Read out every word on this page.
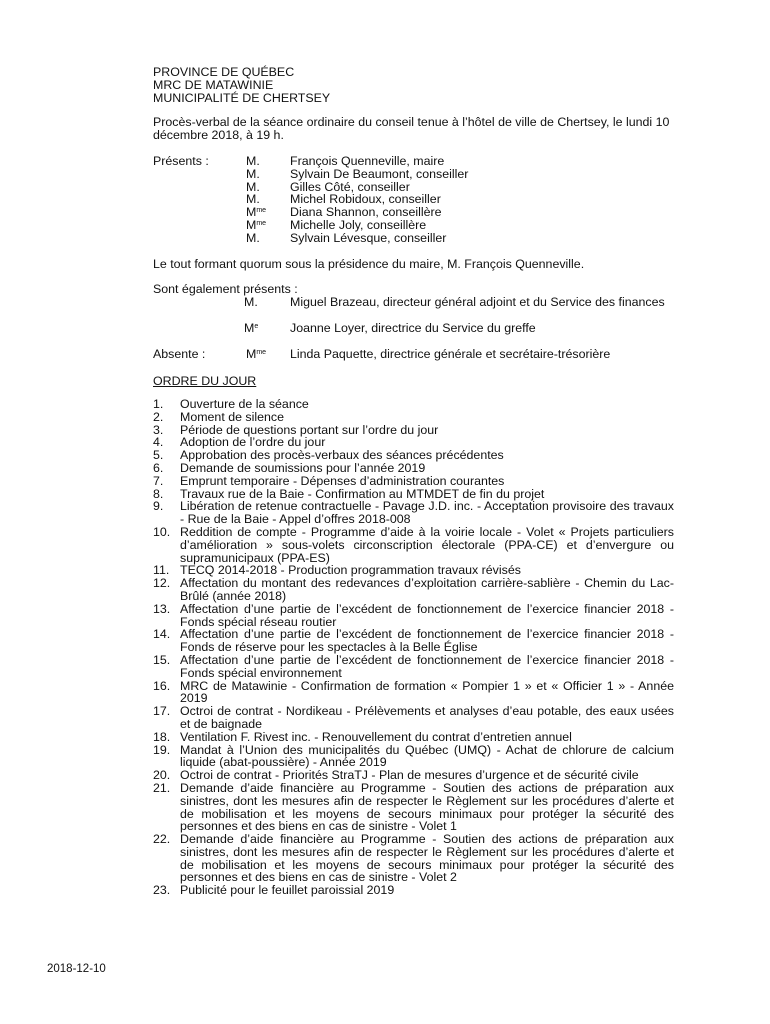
PROVINCE DE QUÉBEC
MRC DE MATAWINIE
MUNICIPALITÉ DE CHERTSEY
Procès-verbal de la séance ordinaire du conseil tenue à l’hôtel de ville de Chertsey, le lundi 10 décembre 2018, à 19 h.
Présents :	M. François Quenneville, maire
M. Sylvain De Beaumont, conseiller
M. Gilles Côté, conseiller
M. Michel Robidoux, conseiller
$M^{me}$ Diana Shannon, conseillère
$M^{me}$ Michelle Joly, conseillère
M. Sylvain Lévesque, conseiller
Le tout formant quorum sous la présidence du maire, M. François Quenneville.
Sont également présents :
M.	Miguel Brazeau, directeur général adjoint et du Service des finances
Me	Joanne Loyer, directrice du Service du greffe
Absente :	$M^{me}$ Linda Paquette, directrice générale et secrétaire-trésorière
ORDRE DU JOUR
1.	Ouverture de la séance
2.	Moment de silence
3.	Période de questions portant sur l’ordre du jour
4.	Adoption de l’ordre du jour
5.	Approbation des procès-verbaux des séances précédentes
6.	Demande de soumissions pour l’année 2019
7.	Emprunt temporaire - Dépenses d’administration courantes
8.	Travaux rue de la Baie - Confirmation au MTMDET de fin du projet
9.	Libération de retenue contractuelle - Pavage J.D. inc. - Acceptation provisoire des travaux - Rue de la Baie - Appel d’offres 2018-008
10. Reddition de compte - Programme d’aide à la voirie locale - Volet « Projets particuliers d’amélioration » sous-volets circonscription électorale (PPA-CE) et d’envergure ou supramunicipaux (PPA-ES)
11. TECQ 2014-2018 - Production programmation travaux révisés
12. Affectation du montant des redevances d’exploitation carrière-sablière - Chemin du Lac-Brûlé (année 2018)
13. Affectation d’une partie de l’excédent de fonctionnement de l’exercice financier 2018 - Fonds spécial réseau routier
14. Affectation d’une partie de l’excédent de fonctionnement de l’exercice financier 2018 - Fonds de réserve pour les spectacles à la Belle Église
15. Affectation d’une partie de l’excédent de fonctionnement de l’exercice financier 2018 - Fonds spécial environnement
16. MRC de Matawinie - Confirmation de formation « Pompier 1 » et « Officier 1 » - Année 2019
17. Octroi de contrat - Nordikeau - Prélèvements et analyses d’eau potable, des eaux usées et de baignade
18. Ventilation F. Rivest inc. - Renouvellement du contrat d’entretien annuel
19. Mandat à l’Union des municipalités du Québec (UMQ) - Achat de chlorure de calcium liquide (abat-poussière) - Année 2019
20. Octroi de contrat - Priorités StraTJ - Plan de mesures d’urgence et de sécurité civile
21. Demande d’aide financière au Programme - Soutien des actions de préparation aux sinistres, dont les mesures afin de respecter le Règlement sur les procédures d’alerte et de mobilisation et les moyens de secours minimaux pour protéger la sécurité des personnes et des biens en cas de sinistre - Volet 1
22. Demande d’aide financière au Programme - Soutien des actions de préparation aux sinistres, dont les mesures afin de respecter le Règlement sur les procédures d’alerte et de mobilisation et les moyens de secours minimaux pour protéger la sécurité des personnes et des biens en cas de sinistre - Volet 2
23. Publicité pour le feuillet paroissial 2019
2018-12-10
